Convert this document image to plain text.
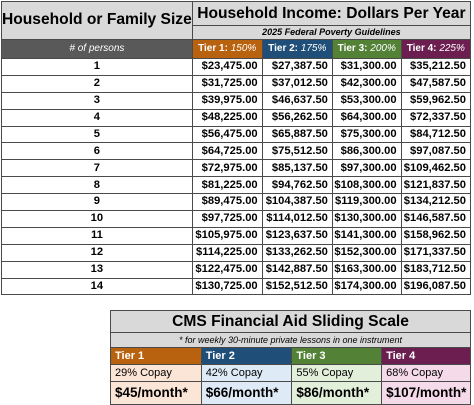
Household or Family Size	Household Income: Dollars Per Year			
	2025 Federal Poverty Guidelines			
# of persons	Tier 1: 150%	Tier 2: 175%	Tier 3: 200%	Tier 4: 225%
1	$23,475.00	$27,387.50	$31,300.00	$35,212.50
2	$31,725.00	$37,012.50	$42,300.00	$47,587.50
3	$39,975.00	$46,637.50	$53,300.00	$59,962.50
4	$48,225.00	$56,262.50	$64,300.00	$72,337.50
5	$56,475.00	$65,887.50	$75,300.00	$84,712.50
6	$64,725.00	$75,512.50	$86,300.00	$97,087.50
7	$72,975.00	$85,137.50	$97,300.00	$109,462.50
8	$81,225.00	$94,762.50	$108,300.00	$121,837.50
9	$89,475.00	$104,387.50	$119,300.00	$134,212.50
10	$97,725.00	$114,012.50	$130,300.00	$146,587.50
11	$105,975.00	$123,637.50	$141,300.00	$158,962.50
12	$114,225.00	$133,262.50	$152,300.00	$171,337.50
13	$122,475.00	$142,887.50	$163,300.00	$183,712.50
14	$130,725.00	$152,512.50	$174,300.00	$196,087.50
CMS Financial Aid Sliding Scale			
* for weekly 30-minute private lessons in one instrument			
Tier 1	Tier 2	Tier 3	Tier 4
29% Copay	42% Copay	55% Copay	68% Copay
$45/month*	$66/month*	$86/month*	$107/month*
